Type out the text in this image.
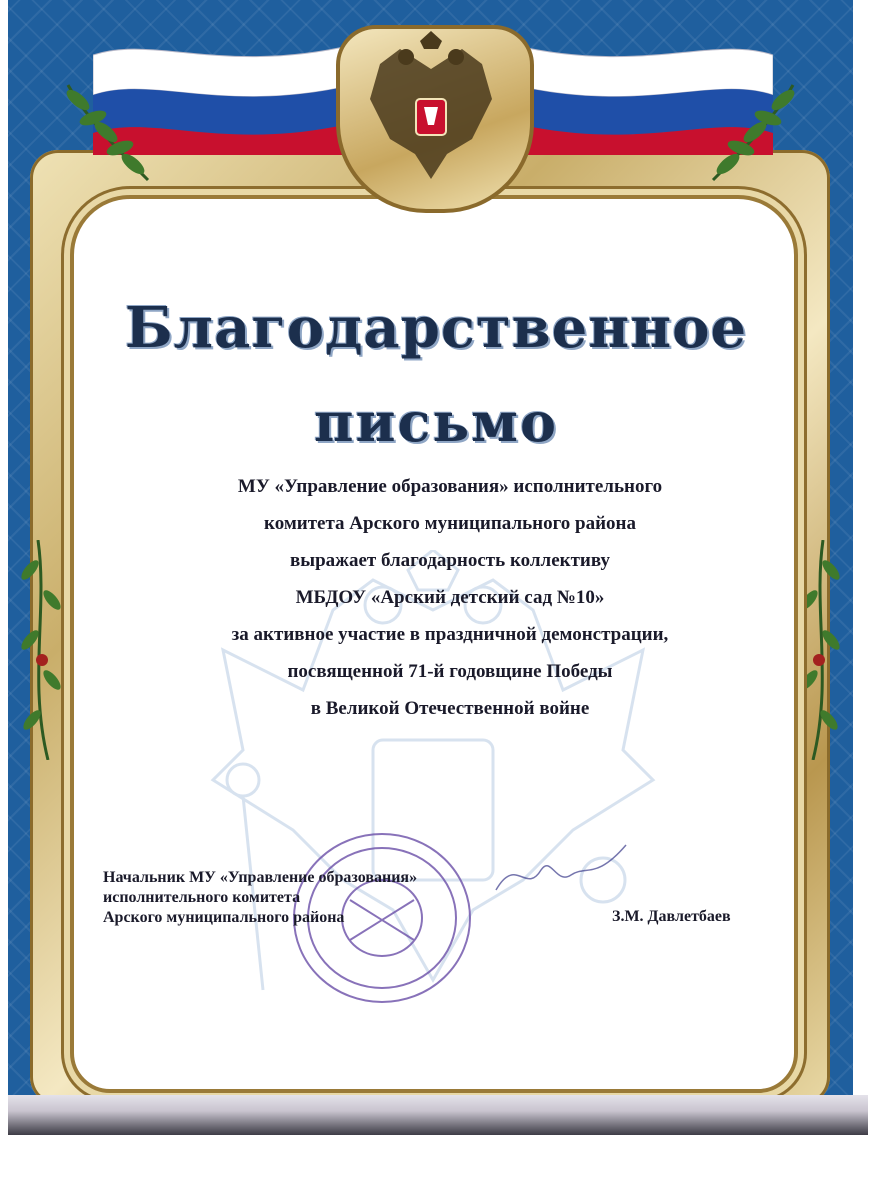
Благодарственное
письмо
МУ «Управление образования» исполнительного
комитета Арского муниципального района
выражает благодарность коллективу
МБДОУ «Арский детский сад №10»
за активное участие в праздничной демонстрации,
посвященной 71-й годовщине Победы
в Великой Отечественной войне
Начальник МУ «Управление образования»
исполнительного комитета
Арского муниципального района	З.М. Давлетбаев
